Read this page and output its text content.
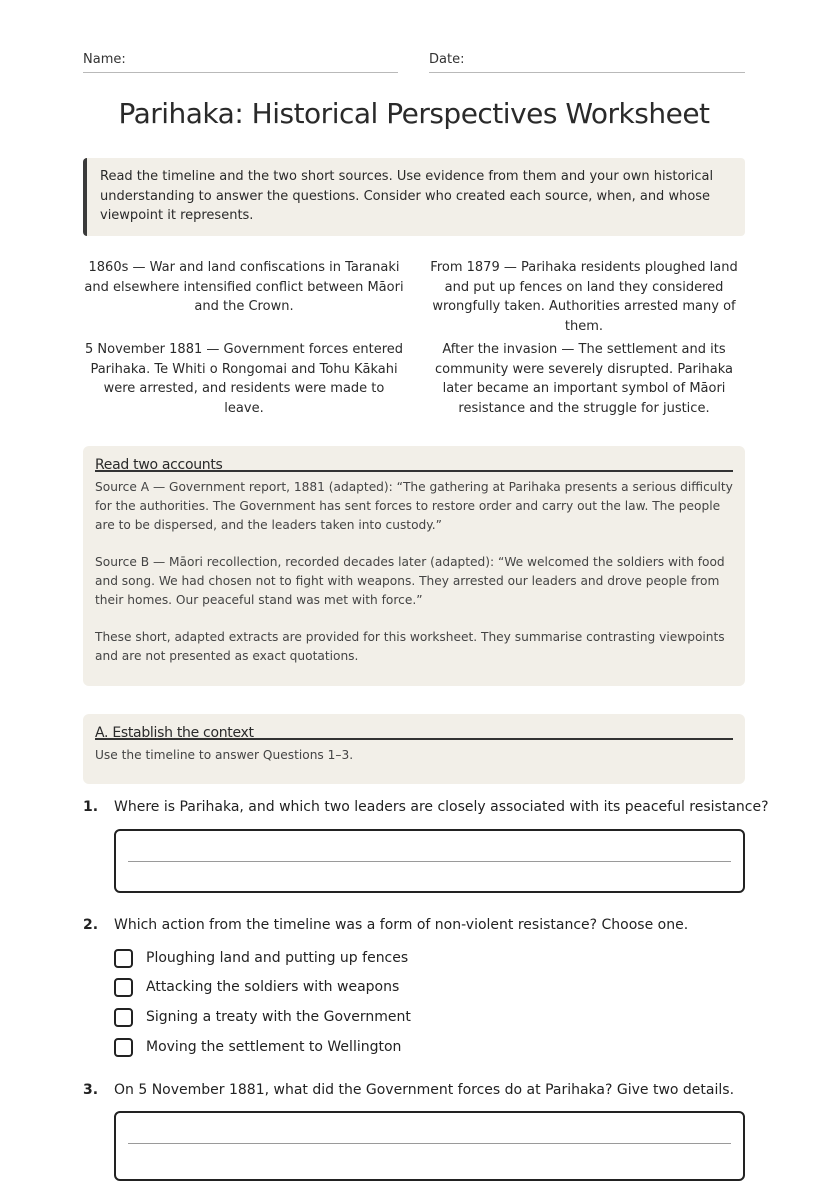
Name:	Date:
Parihaka: Historical Perspectives Worksheet
Read the timeline and the two short sources. Use evidence from them and your own historical understanding to answer the questions. Consider who created each source, when, and whose viewpoint it represents.
1860s — War and land confiscations in Taranaki and elsewhere intensified conflict between Māori and the Crown.
From 1879 — Parihaka residents ploughed land and put up fences on land they considered wrongfully taken. Authorities arrested many of them.
5 November 1881 — Government forces entered Parihaka. Te Whiti o Rongomai and Tohu Kākahi were arrested, and residents were made to leave.
After the invasion — The settlement and its community were severely disrupted. Parihaka later became an important symbol of Māori resistance and the struggle for justice.
Read two accounts

Source A — Government report, 1881 (adapted): “The gathering at Parihaka presents a serious difficulty for the authorities. The Government has sent forces to restore order and carry out the law. The people are to be dispersed, and the leaders taken into custody.”

Source B — Māori recollection, recorded decades later (adapted): “We welcomed the soldiers with food and song. We had chosen not to fight with weapons. They arrested our leaders and drove people from their homes. Our peaceful stand was met with force.”

These short, adapted extracts are provided for this worksheet. They summarise contrasting viewpoints and are not presented as exact quotations.

A. Establish the context

Use the timeline to answer Questions 1–3.

1. Where is Parihaka, and which two leaders are closely associated with its peaceful resistance?
2. Which action from the timeline was a form of non-violent resistance? Choose one.
Ploughing land and putting up fences
Attacking the soldiers with weapons
Signing a treaty with the Government
Moving the settlement to Wellington
3. On 5 November 1881, what did the Government forces do at Parihaka? Give two details.
